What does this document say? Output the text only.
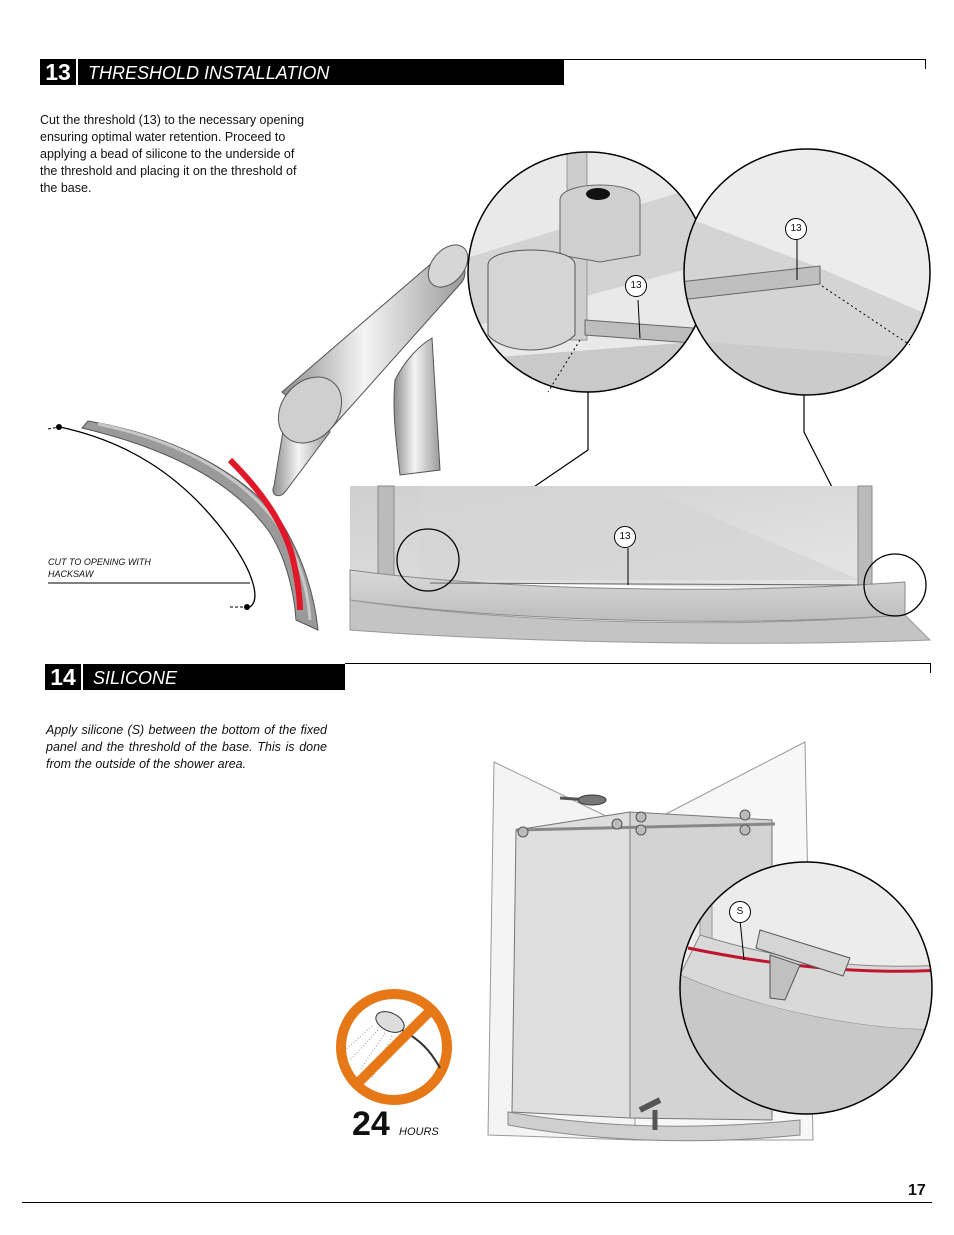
13 THRESHOLD INSTALLATION
Cut the threshold (13) to the necessary opening ensuring optimal water retention. Proceed to applying a bead of silicone to the underside of the threshold and placing it on the threshold of the base.
13
13
13
CUT TO OPENING WITH HACKSAW
14 SILICONE
Apply silicone (S) between the bottom of the fixed panel and the threshold of the base. This is done from the outside of the shower area.
S
24 HOURS
17
